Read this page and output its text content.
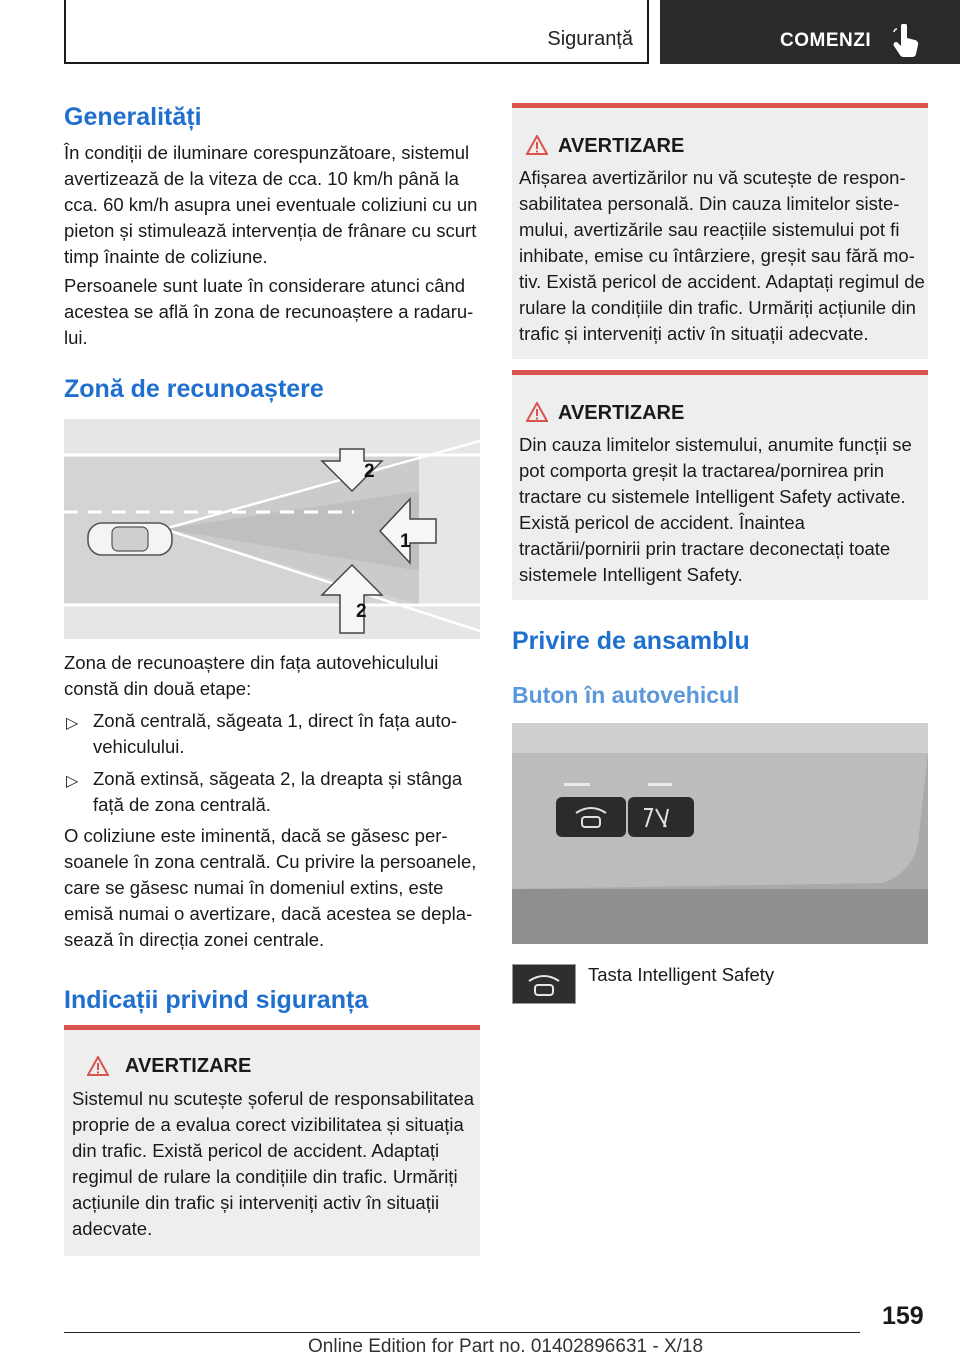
Siguranță	COMENZI
Generalități

În condiții de iluminare corespunzătoare, sistemul avertizează de la viteza de cca. 10 km/h până la cca. 60 km/h asupra unei eventuale coliziuni cu un pieton și stimulează intervenția de frânare cu scurt timp înainte de coliziune.

Persoanele sunt luate în considerare atunci când acestea se află în zona de recunoaștere a radarului.

Zonă de recunoaștere
2
1
2

Zona de recunoaștere din fața autovehiculului constă din două etape:

▷ Zonă centrală, săgeata 1, direct în fața autovehiculului.

▷ Zonă extinsă, săgeata 2, la dreapta și stânga față de zona centrală.

O coliziune este iminentă, dacă se găsesc persoanele în zona centrală. Cu privire la persoanele, care se găsesc numai în domeniul extins, este emisă numai o avertizare, dacă acestea se deplasează în direcția zonei centrale.

Indicații privind siguranța
AVERTIZARE

Sistemul nu scutește șoferul de responsabilitatea proprie de a evalua corect vizibilitatea și situația din trafic. Există pericol de accident. Adaptați regimul de rulare la condițiile din trafic. Urmăriți acțiunile din trafic și interveniți activ în situații adecvate.

AVERTIZARE

Afișarea avertizărilor nu vă scutește de responsabilitatea personală. Din cauza limitelor sistemului, avertizările sau reacțiile sistemului pot fi inhibate, emise cu întârziere, greșit sau fără motiv. Există pericol de accident. Adaptați regimul de rulare la condițiile din trafic. Urmăriți acțiunile din trafic și interveniți activ în situații adecvate.

AVERTIZARE

Din cauza limitelor sistemului, anumite funcții se pot comporta greșit la tractarea/pornirea prin tractare cu sistemele Intelligent Safety activate. Există pericol de accident. Înaintea tractării/pornirii prin tractare deconectați toate sistemele Intelligent Safety.

Privire de ansamblu
Buton în autovehicul

Tasta Intelligent Safety

159
Online Edition for Part no. 01402896631 - X/18
